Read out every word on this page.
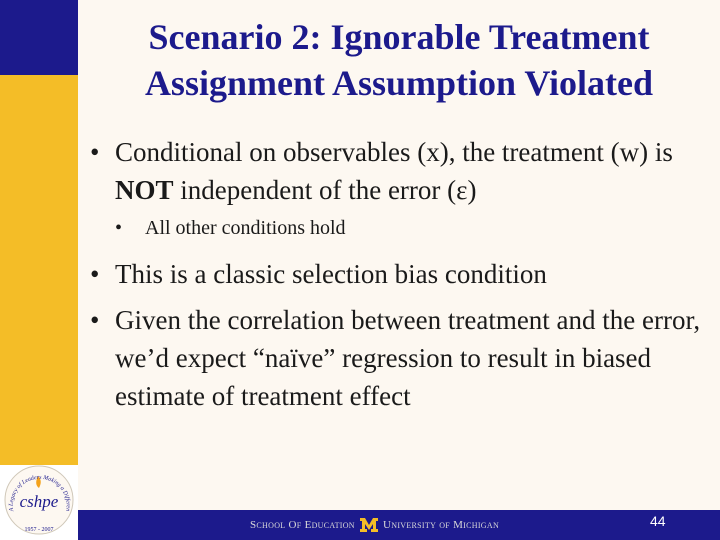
Scenario 2: Ignorable Treatment
Assignment Assumption Violated
• Conditional on observables (x), the treatment (w) is NOT independent of the error (ε)
• All other conditions hold
• This is a classic selection bias condition
• Given the correlation between treatment and the error, we’d expect “naïve” regression to result in biased estimate of treatment effect
A Legacy of Leaders Making a Differen
cshpe
1957 - 2007	School Of Education	University of Michigan	44
